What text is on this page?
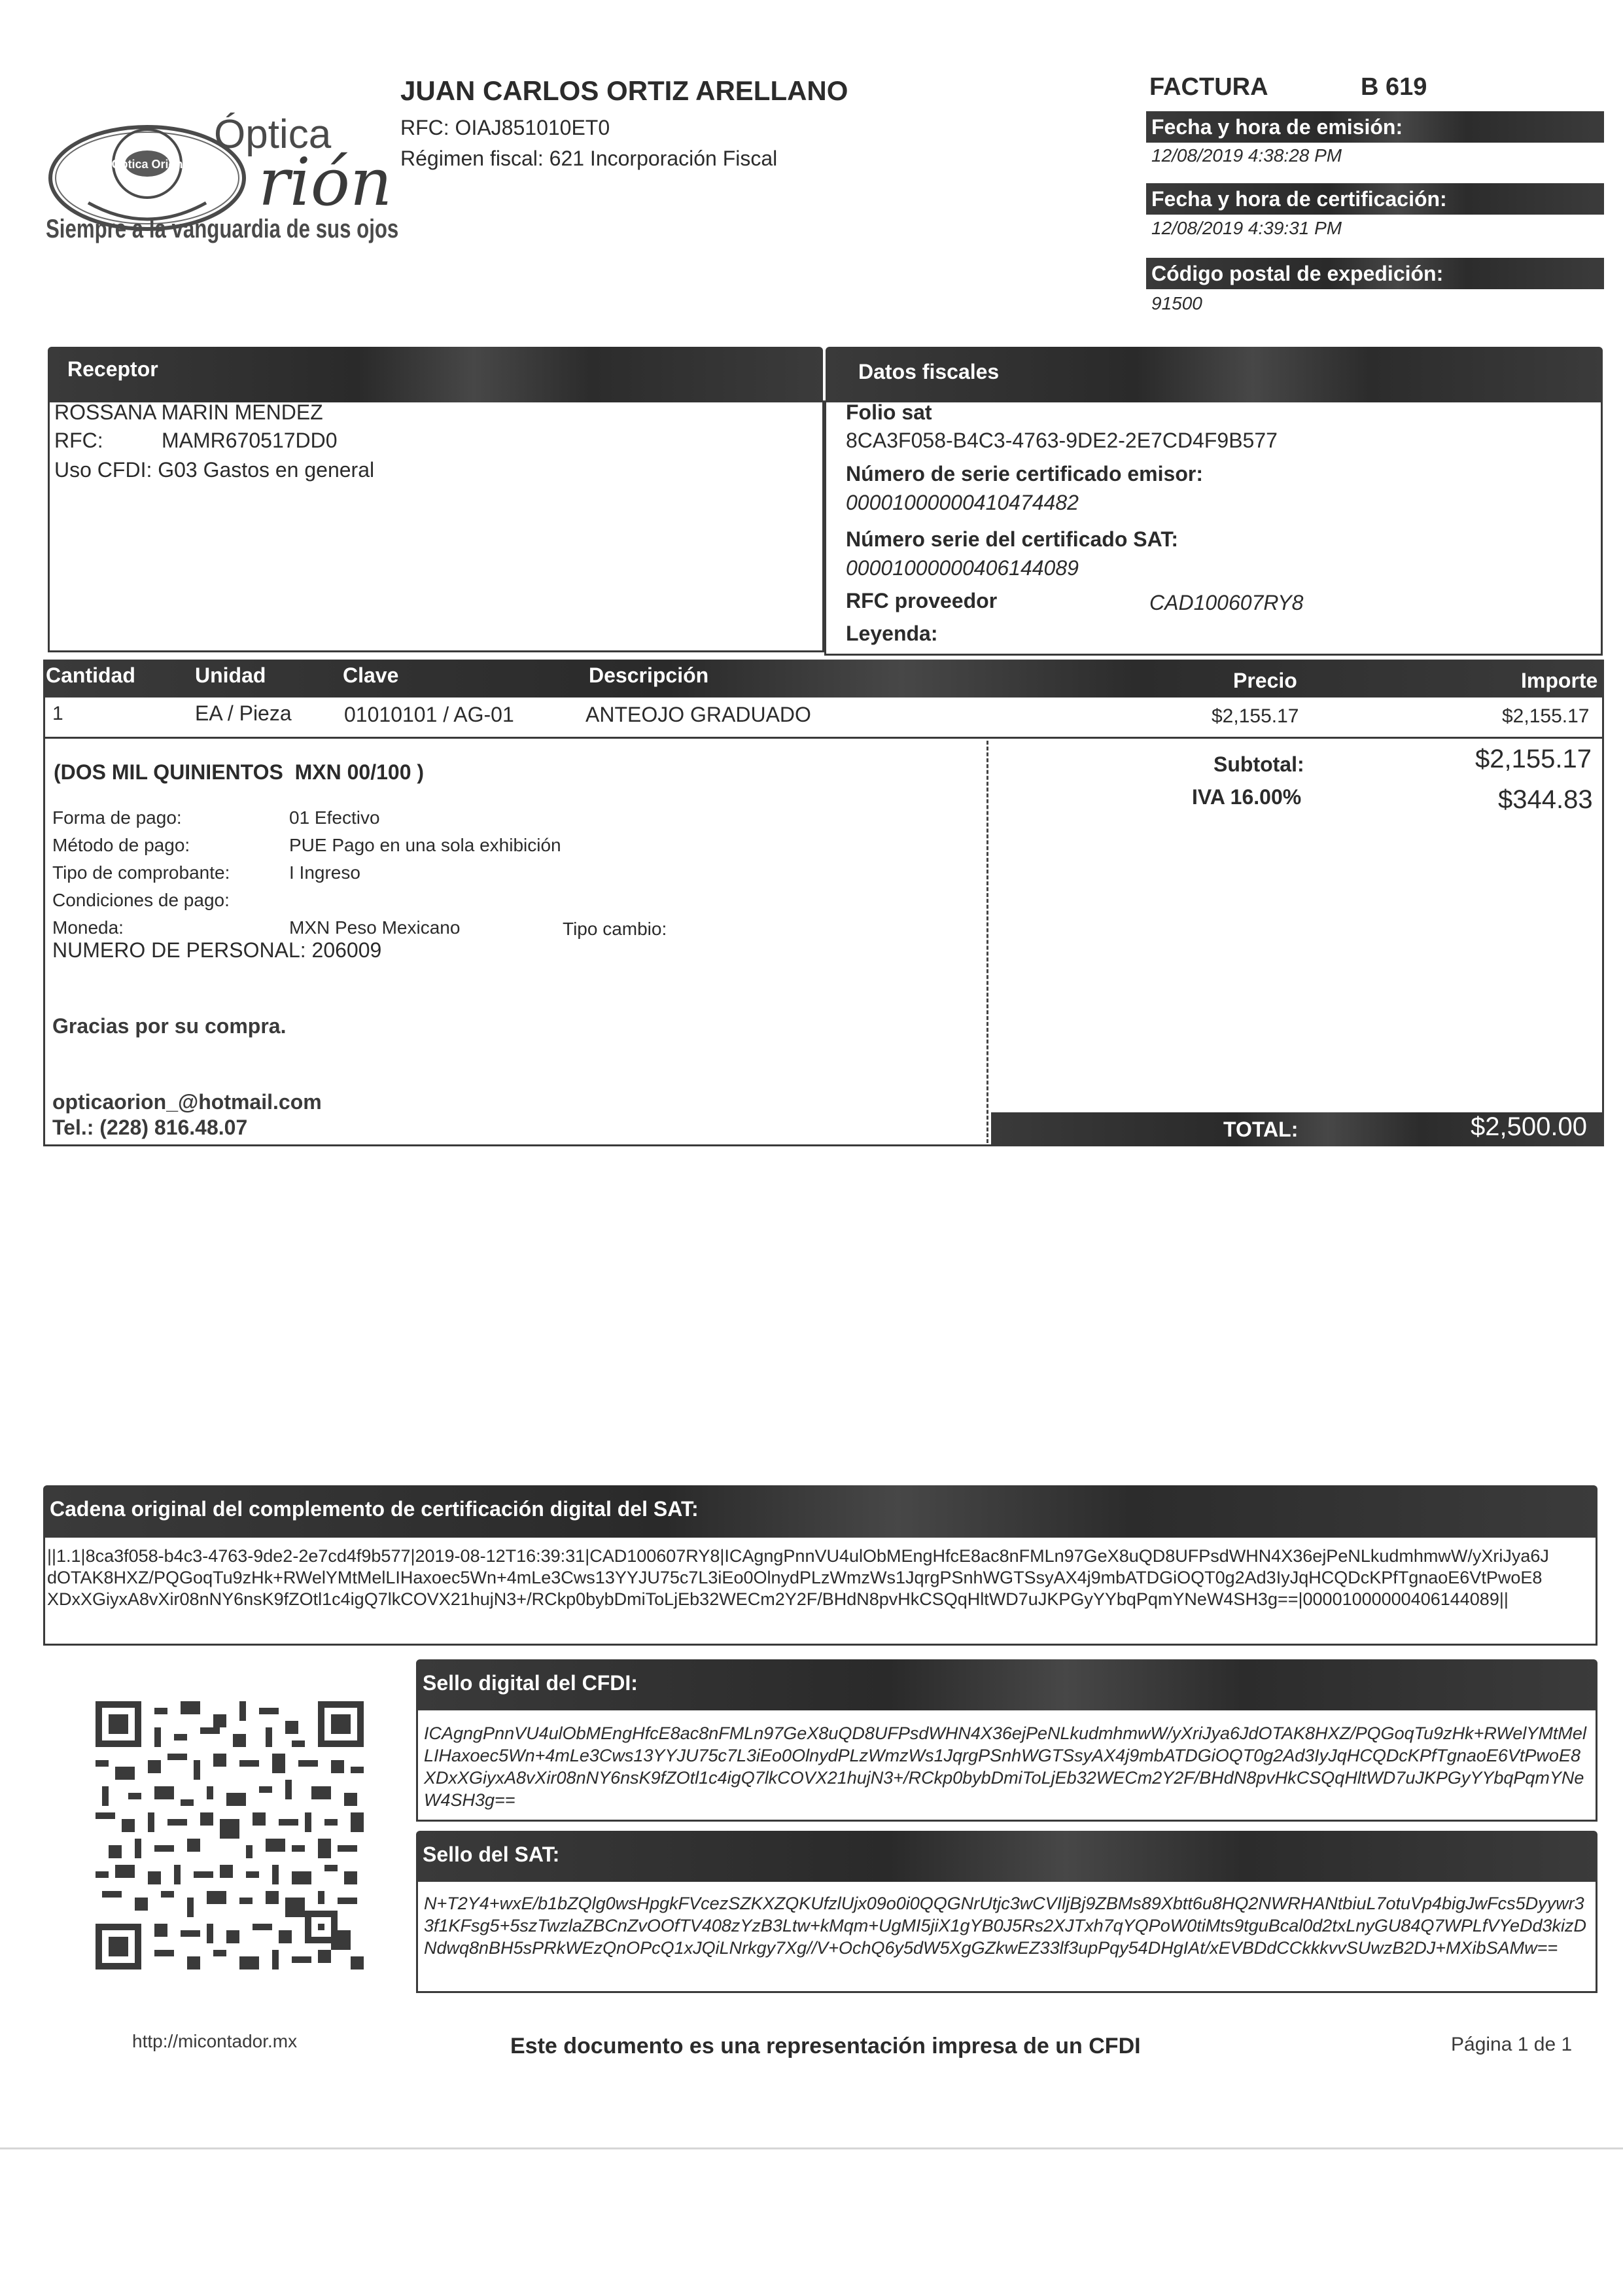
Óptica Orión
Óptica
rión
Siempre a la vanguardia de sus ojos
JUAN CARLOS ORTIZ ARELLANO
RFC: OIAJ851010ET0
Régimen fiscal: 621 Incorporación Fiscal
FACTURA	B 619
Fecha y hora de emisión:
12/08/2019 4:38:28 PM
Fecha y hora de certificación:
12/08/2019 4:39:31 PM
Código postal de expedición:
91500
Receptor	Datos fiscales
ROSSANA MARIN MENDEZ
RFC:	MAMR670517DD0
Uso CFDI: G03 Gastos en general
Folio sat
8CA3F058-B4C3-4763-9DE2-2E7CD4F9B577
Número de serie certificado emisor:
00001000000410474482
Número serie del certificado SAT:
00001000000406144089
RFC proveedor	CAD100607RY8
Leyenda:
Cantidad	Unidad	Clave	Descripción	Precio	Importe
1	EA / Pieza	01010101 / AG-01	ANTEOJO GRADUADO	$2,155.17	$2,155.17
(DOS MIL QUINIENTOS  MXN 00/100 )
Forma de pago:	01 Efectivo
Método de pago:	PUE Pago en una sola exhibición
Tipo de comprobante:	I Ingreso
Condiciones de pago:
Moneda:	MXN Peso Mexicano	Tipo cambio:
NUMERO DE PERSONAL: 206009
Gracias por su compra.
opticaorion_@hotmail.com
Tel.: (228) 816.48.07
Subtotal:	$2,155.17
IVA 16.00%	$344.83
TOTAL:	$2,500.00
Cadena original del complemento de certificación digital del SAT:
||1.1|8ca3f058-b4c3-4763-9de2-2e7cd4f9b577|2019-08-12T16:39:31|CAD100607RY8|ICAgngPnnVU4ulObMEngHfcE8ac8nFMLn97GeX8uQD8UFPsdWHN4X36ejPeNLkudmhmwW/yXriJya6JdOTAK8HXZ/PQGoqTu9zHk+RWelYMtMelLIHaxoec5Wn+4mLe3Cws13YYJU75c7L3iEo0OlnydPLzWmzWs1JqrgPSnhWGTSsyAX4j9mbATDGiOQT0g2Ad3IyJqHCQDcKPfTgnaoE6VtPwoE8XDxXGiyxA8vXir08nNY6nsK9fZOtl1c4igQ7lkCOVX21hujN3+/RCkp0bybDmiToLjEb32WECm2Y2F/BHdN8pvHkCSQqHltWD7uJKPGyYYbqPqmYNeW4SH3g==|00001000000406144089||
Sello digital del CFDI:
ICAgngPnnVU4ulObMEngHfcE8ac8nFMLn97GeX8uQD8UFPsdWHN4X36ejPeNLkudmhmwW/yXriJya6JdOTAK8HXZ/PQGoqTu9zHk+RWelYMtMelLIHaxoec5Wn+4mLe3Cws13YYJU75c7L3iEo0OlnydPLzWmzWs1JqrgPSnhWGTSsyAX4j9mbATDGiOQT0g2Ad3IyJqHCQDcKPfTgnaoE6VtPwoE8XDxXGiyxA8vXir08nNY6nsK9fZOtl1c4igQ7lkCOVX21hujN3+/RCkp0bybDmiToLjEb32WECm2Y2F/BHdN8pvHkCSQqHltWD7uJKPGyYYbqPqmYNeW4SH3g==
Sello del SAT:
N+T2Y4+wxE/b1bZQlg0wsHpgkFVcezSZKXZQKUfzlUjx09o0i0QQGNrUtjc3wCVIljBj9ZBMs89Xbtt6u8HQ2NWRHANtbiuL7otuVp4bigJwFcs5Dyywr33f1KFsg5+5szTwzlaZBCnZvOOfTV408zYzB3Ltw+kMqm+UgMI5jiX1gYB0J5Rs2XJTxh7qYQPoW0tiMts9tguBcal0d2txLnyGU84Q7WPLfVYeDd3kizDNdwq8nBH5sPRkWEzQnOPcQ1xJQiLNrkgy7Xg//V+OchQ6y5dW5XgGZkwEZ33lf3upPqy54DHgIAt/xEVBDdCCkkkvvSUwzB2DJ+MXibSAMw==
http://micontador.mx	Este documento es una representación impresa de un CFDI	Página 1 de 1
